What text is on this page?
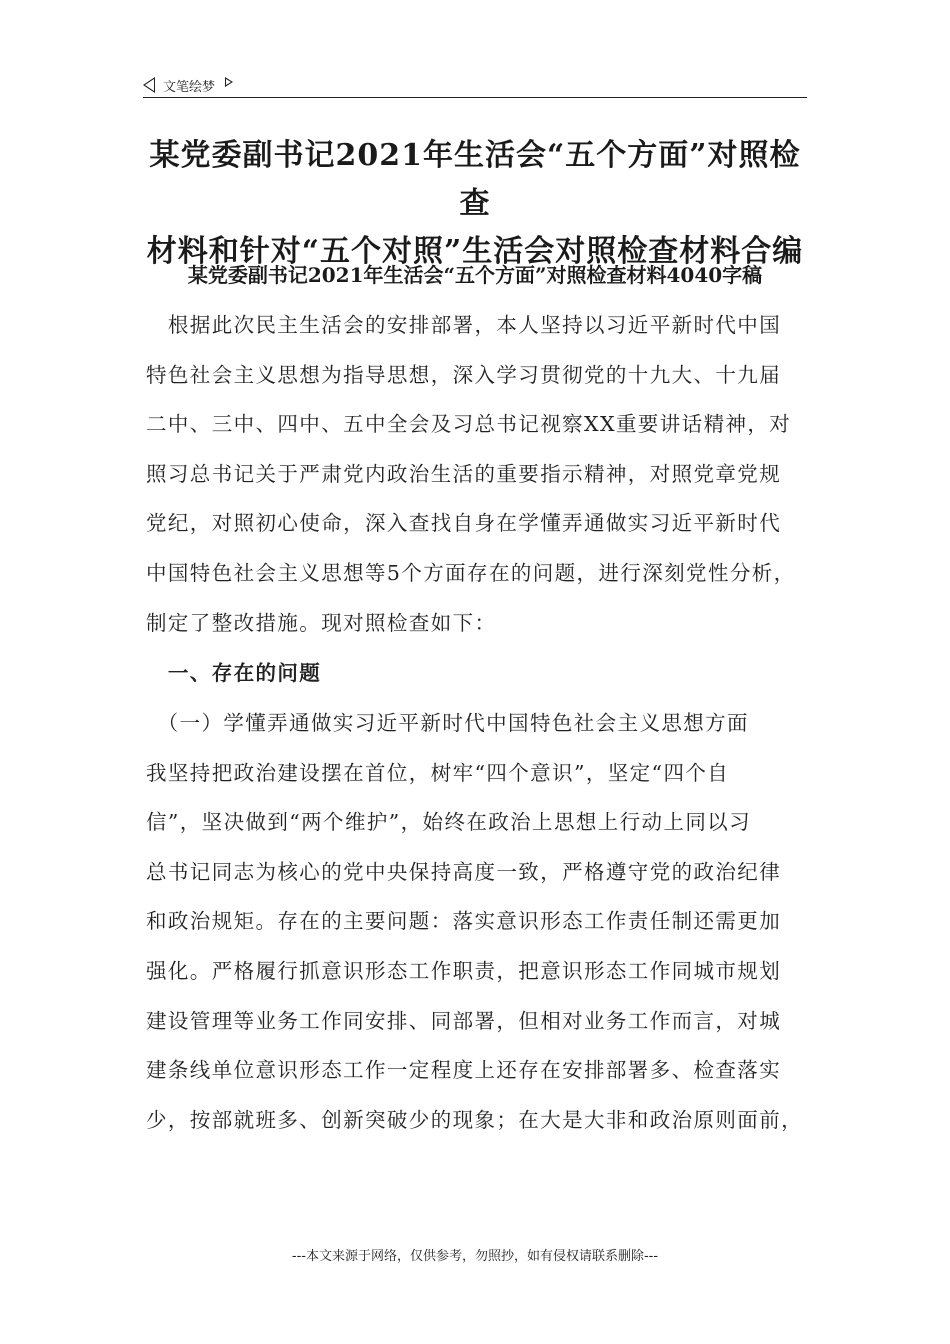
文笔绘梦
某党委副书记2021年生活会“五个方面”对照检查
材料和针对“五个对照”生活会对照检查材料合编
某党委副书记2021年生活会“五个方面”对照检查材料4040字稿
　根据此次民主生活会的安排部署，本人坚持以习近平新时代中国
特色社会主义思想为指导思想，深入学习贯彻党的十九大、十九届
二中、三中、四中、五中全会及习总书记视察XX重要讲话精神，对
照习总书记关于严肃党内政治生活的重要指示精神，对照党章党规
党纪，对照初心使命，深入查找自身在学懂弄通做实习近平新时代
中国特色社会主义思想等5个方面存在的问题，进行深刻党性分析，
制定了整改措施。现对照检查如下：
　一、存在的问题
　（一）学懂弄通做实习近平新时代中国特色社会主义思想方面
我坚持把政治建设摆在首位，树牢“四个意识”，坚定“四个自
信”，坚决做到“两个维护”，始终在政治上思想上行动上同以习
总书记同志为核心的党中央保持高度一致，严格遵守党的政治纪律
和政治规矩。存在的主要问题：落实意识形态工作责任制还需更加
强化。严格履行抓意识形态工作职责，把意识形态工作同城市规划
建设管理等业务工作同安排、同部署，但相对业务工作而言，对城
建条线单位意识形态工作一定程度上还存在安排部署多、检查落实
少，按部就班多、创新突破少的现象；在大是大非和政治原则面前，
---本文来源于网络，仅供参考，勿照抄，如有侵权请联系删除---
